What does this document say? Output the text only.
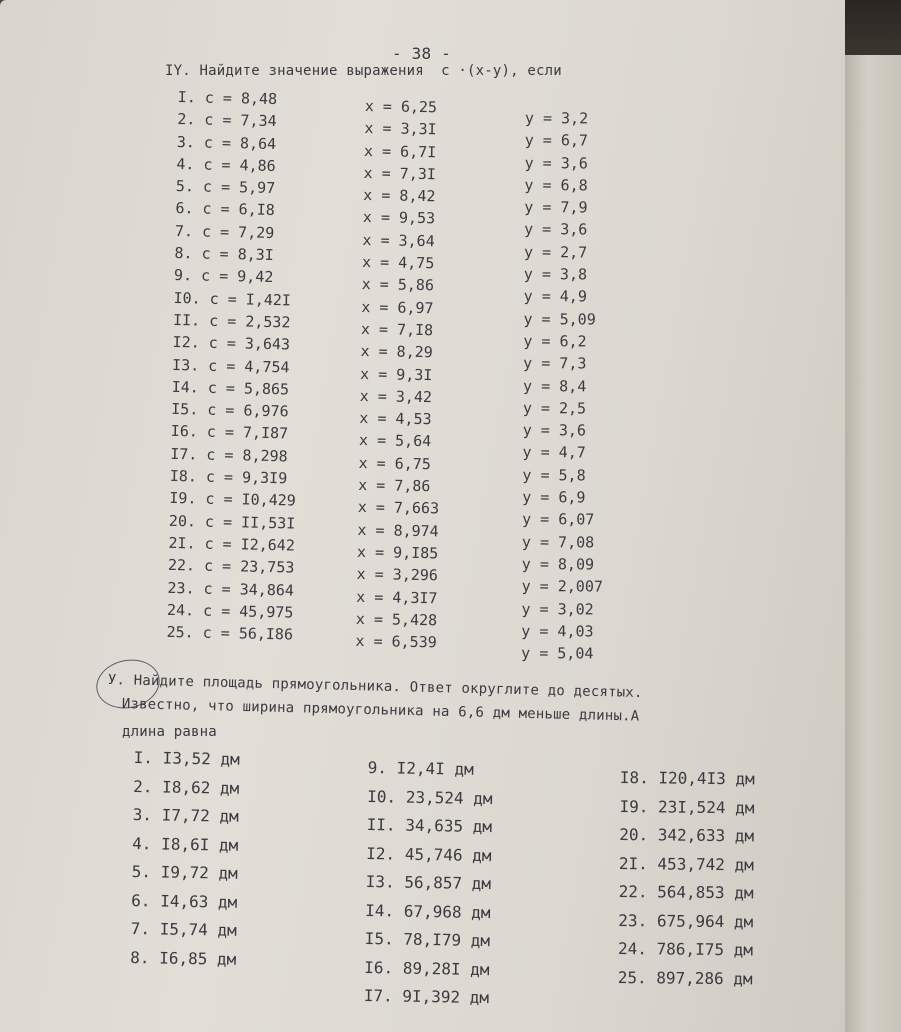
- 38 -
IY. Найдите значение выражения  c ·(x-y), если
I. c = 8,48
2. c = 7,34
3. c = 8,64
4. c = 4,86
5. c = 5,97
6. c = 6,I8
7. c = 7,29
8. c = 8,3I
9. c = 9,42
I0. c = I,42I
II. c = 2,532
I2. c = 3,643
I3. c = 4,754
I4. c = 5,865
I5. c = 6,976
I6. c = 7,I87
I7. c = 8,298
I8. c = 9,3I9
I9. c = I0,429
20. c = II,53I
2I. c = I2,642
22. c = 23,753
23. c = 34,864
24. c = 45,975
25. c = 56,I86
x = 6,25
x = 3,3I
x = 6,7I
x = 7,3I
x = 8,42
x = 9,53
x = 3,64
x = 4,75
x = 5,86
x = 6,97
x = 7,I8
x = 8,29
x = 9,3I
x = 3,42
x = 4,53
x = 5,64
x = 6,75
x = 7,86
x = 7,663
x = 8,974
x = 9,I85
x = 3,296
x = 4,3I7
x = 5,428
x = 6,539
y = 3,2
y = 6,7
y = 3,6
y = 6,8
y = 7,9
y = 3,6
y = 2,7
y = 3,8
y = 4,9
y = 5,09
y = 6,2
y = 7,3
y = 8,4
y = 2,5
y = 3,6
y = 4,7
y = 5,8
y = 6,9
y = 6,07
y = 7,08
y = 8,09
y = 2,007
y = 3,02
y = 4,03
y = 5,04
У. Найдите площадь прямоугольника. Ответ округлите до десятых.
Известно, что ширина прямоугольника на 6,6 дм меньше длины.А
длина равна
I. I3,52 дм
2. I8,62 дм
3. I7,72 дм
4. I8,6I дм
5. I9,72 дм
6. I4,63 дм
7. I5,74 дм
8. I6,85 дм
9. I2,4I дм
I0. 23,524 дм
II. 34,635 дм
I2. 45,746 дм
I3. 56,857 дм
I4. 67,968 дм
I5. 78,I79 дм
I6. 89,28I дм
I7. 9I,392 дм
I8. I20,4I3 дм
I9. 23I,524 дм
20. 342,633 дм
2I. 453,742 дм
22. 564,853 дм
23. 675,964 дм
24. 786,I75 дм
25. 897,286 дм
